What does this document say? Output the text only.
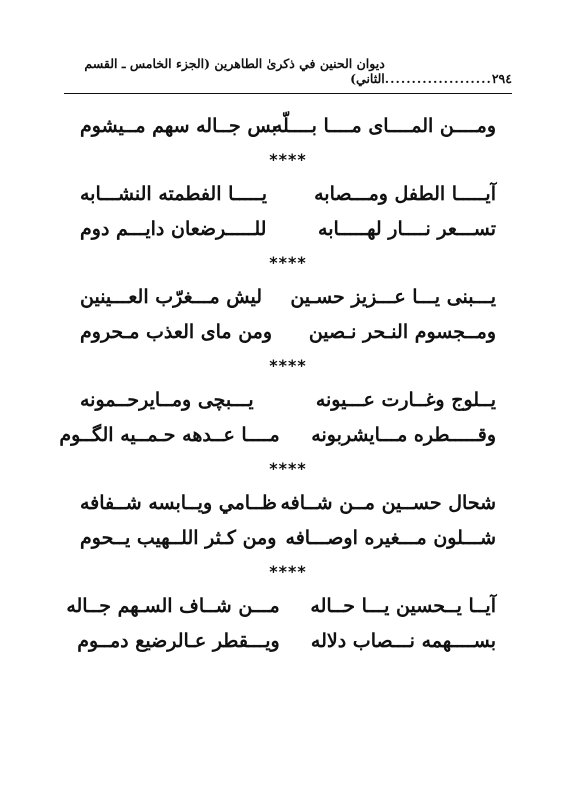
٢٩٤
....................
ديوان الحنين في ذكرىٰ الطاهرين (الجزء الخامس ـ القسم الثاني)
ومــــن المــــاى مــــا بــــلّه
بس جــاله سهم مــيشوم
****
آيـــــا الطفل ومـــصابه
يـــــا الفطمته النشـــابه
تســـعر نــــار لهـــــابه
للـــــرضعان دايـــم دوم
****
يـــبنى يـــا عـــزيز حسـين
ليش مـــغرّب العـــينين
ومــجسوم النـحر نـصين
ومن ماى العذب مـحروم
****
يــلوج وغــارت عـــيونه
يـــبچى ومــايرحــمونه
وقـــــطره مـــايشربونه
مــــا عــدهه حـمــيه الگــوم
****
شحال حســين مــن شــافه
ظــامي ويــابسه شــفافه
شـــلون مـــغيره اوصـــافه
ومن كـثر اللــهيب يــحوم
****
آيــا يــحسين يـــا حــاله
مـــن شــاف السـهم جــاله
بســــهمه نـــصاب دلاله
ويـــقطر عـالرضيع دمــوم
